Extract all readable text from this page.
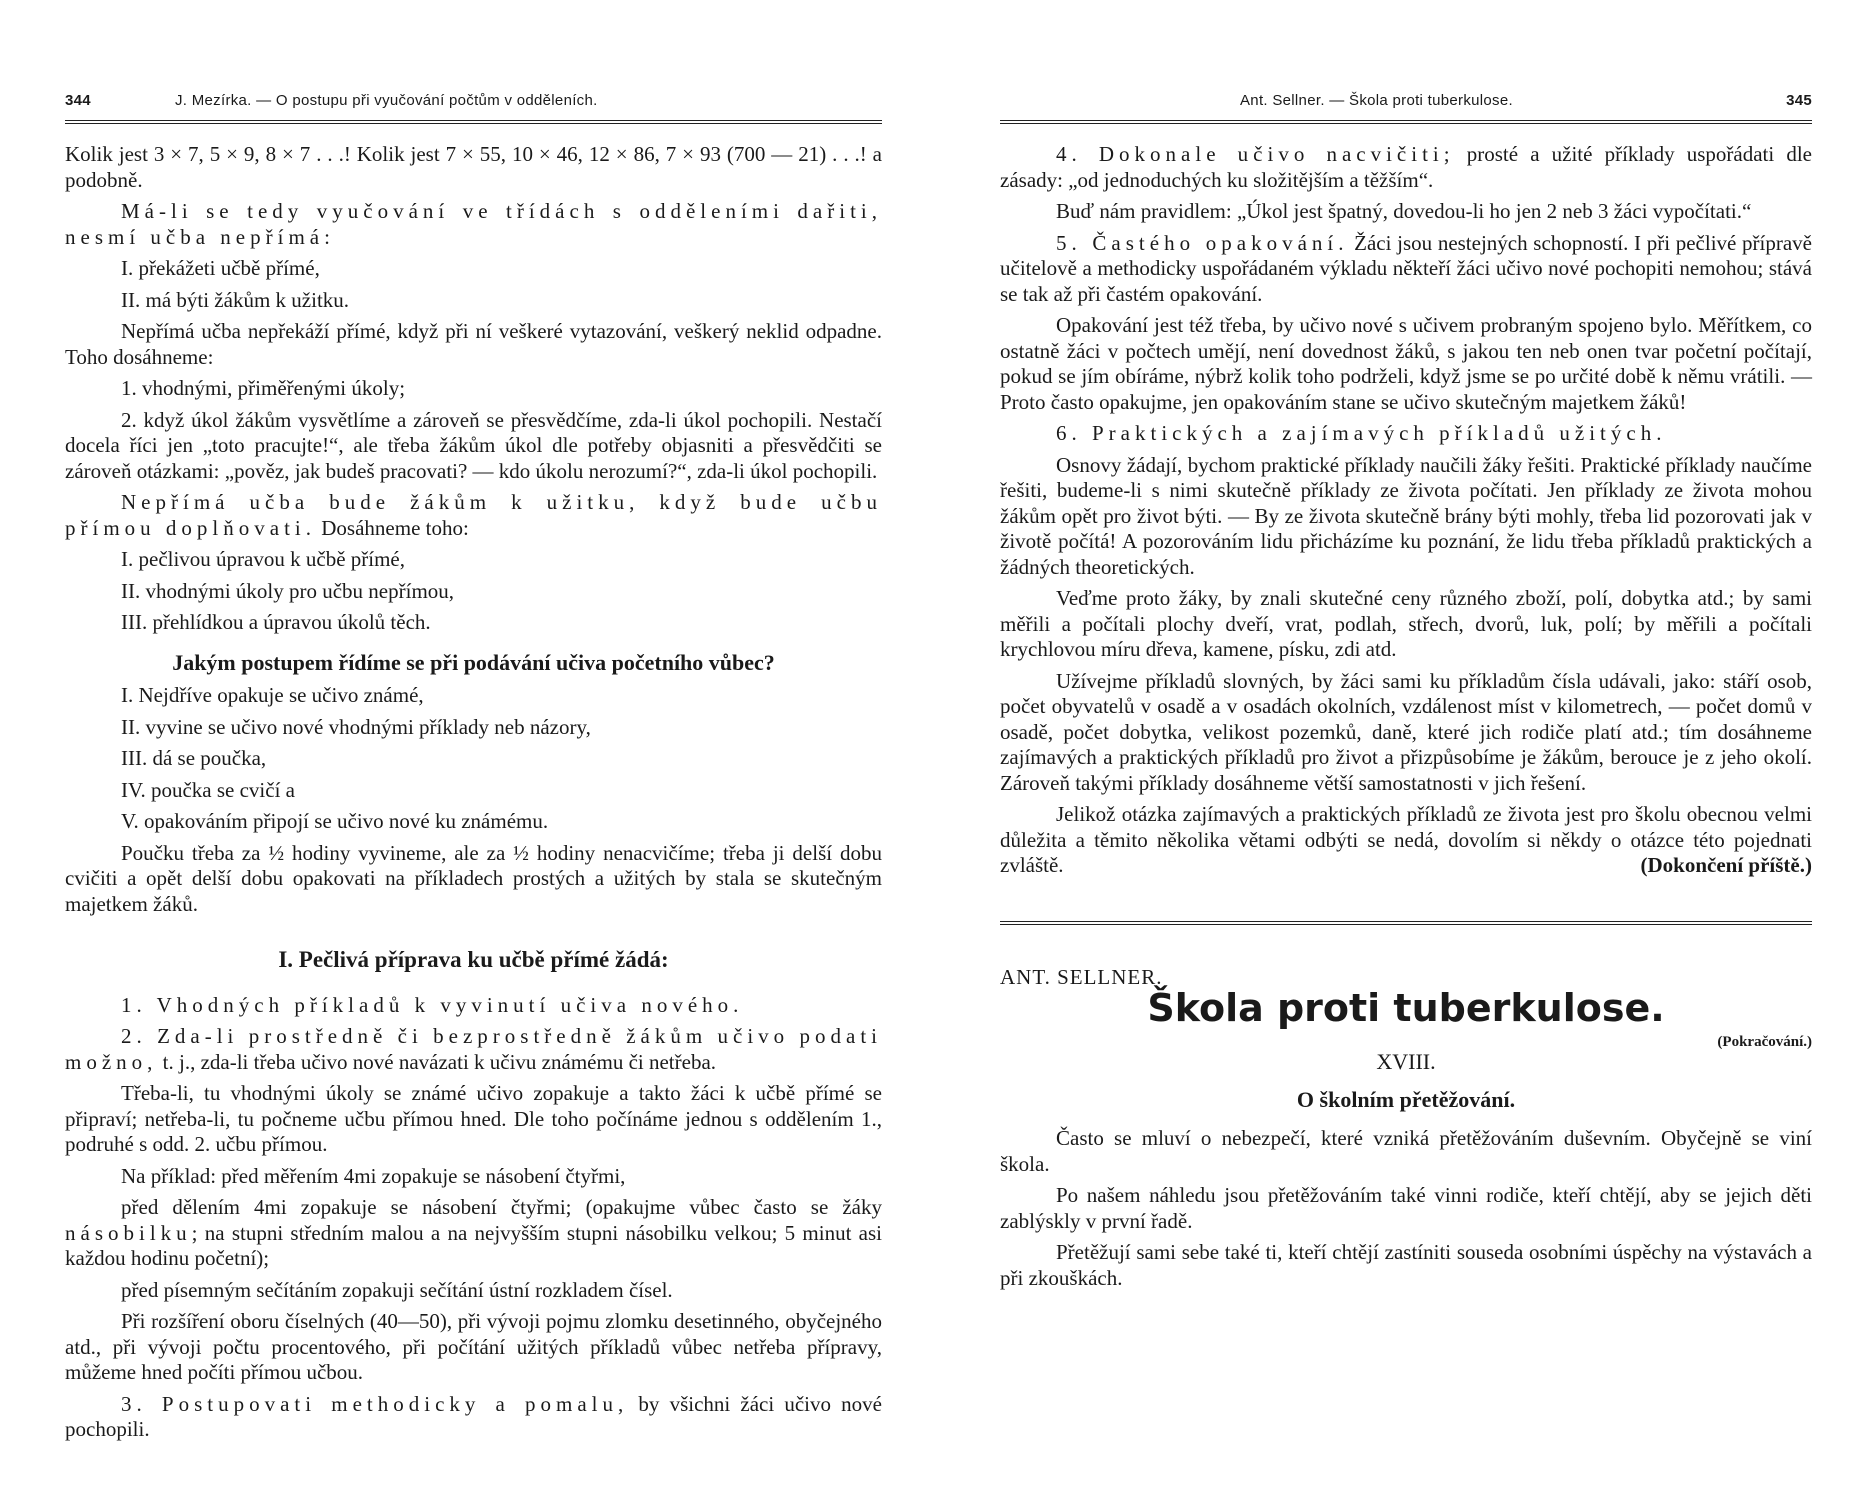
344	J. Mezírka. — O postupu při vyučování počtům v odděleních.

Kolik jest 3 × 7, 5 × 9, 8 × 7 . . .! Kolik jest 7 × 55, 10 × 46, 12 × 86, 7 × 93 (700 — 21) . . .! a podobně.

Má-li se tedy vyučování ve třídách s odděleními dařiti, nesmí učba nepřímá:

I. překážeti učbě přímé,

II. má býti žákům k užitku.

Nepřímá učba nepřekáží přímé, když při ní veškeré vytazování, veškerý neklid odpadne. Toho dosáhneme:

1. vhodnými, přiměřenými úkoly;

2. když úkol žákům vysvětlíme a zároveň se přesvědčíme, zda-li úkol pochopili. Nestačí docela říci jen „toto pracujte!“, ale třeba žákům úkol dle potřeby objasniti a přesvědčiti se zároveň otázkami: „pověz, jak budeš pracovati? — kdo úkolu nerozumí?“, zda-li úkol pochopili.

Nepřímá učba bude žákům k užitku, když bude učbu přímou doplňovati. Dosáhneme toho:

I. pečlivou úpravou k učbě přímé,

II. vhodnými úkoly pro učbu nepřímou,

III. přehlídkou a úpravou úkolů těch.

Jakým postupem řídíme se při podávání učiva početního vůbec?

I. Nejdříve opakuje se učivo známé,

II. vyvine se učivo nové vhodnými příklady neb názory,

III. dá se poučka,

IV. poučka se cvičí a

V. opakováním připojí se učivo nové ku známému.

Poučku třeba za ½ hodiny vyvineme, ale za ½ hodiny nenacvičíme; třeba ji delší dobu cvičiti a opět delší dobu opakovati na příkladech prostých a užitých by stala se skutečným majetkem žáků.

I. Pečlivá příprava ku učbě přímé žádá:

1. Vhodných příkladů k vyvinutí učiva nového.

2. Zda-li prostředně či bezprostředně žákům učivo podati možno, t. j., zda-li třeba učivo nové navázati k učivu známému či netřeba.

Třeba-li, tu vhodnými úkoly se známé učivo zopakuje a takto žáci k učbě přímé se připraví; netřeba-li, tu počneme učbu přímou hned. Dle toho počínáme jednou s oddělením 1., podruhé s odd. 2. učbu přímou.

Na příklad: před měřením 4mi zopakuje se násobení čtyřmi,

před dělením 4mi zopakuje se násobení čtyřmi; (opakujme vůbec často se žáky násobilku; na stupni středním malou a na nejvyšším stupni násobilku velkou; 5 minut asi každou hodinu početní);

před písemným sečítáním zopakuji sečítání ústní rozkladem čísel.

Při rozšíření oboru číselných (40—50), při vývoji pojmu zlomku desetinného, obyčejného atd., při vývoji počtu procentového, při počítání užitých příkladů vůbec netřeba přípravy, můžeme hned počíti přímou učbou.

3. Postupovati methodicky a pomalu, by všichni žáci učivo nové pochopili.

Ant. Sellner. — Škola proti tuberkulose.	345

4. Dokonale učivo nacvičiti; prosté a užité příklady uspořádati dle zásady: „od jednoduchých ku složitějším a těžším“.

Buď nám pravidlem: „Úkol jest špatný, dovedou-li ho jen 2 neb 3 žáci vypočítati.“

5. Častého opakování. Žáci jsou nestejných schopností. I při pečlivé přípravě učitelově a methodicky uspořádaném výkladu někteří žáci učivo nové pochopiti nemohou; stává se tak až při častém opakování.

Opakování jest též třeba, by učivo nové s učivem probraným spojeno bylo. Měřítkem, co ostatně žáci v počtech umějí, není dovednost žáků, s jakou ten neb onen tvar početní počítají, pokud se jím obíráme, nýbrž kolik toho podrželi, když jsme se po určité době k němu vrátili. — Proto často opakujme, jen opakováním stane se učivo skutečným majetkem žáků!

6. Praktických a zajímavých příkladů užitých.

Osnovy žádají, bychom praktické příklady naučili žáky řešiti. Praktické příklady naučíme řešiti, budeme-li s nimi skutečně příklady ze života počítati. Jen příklady ze života mohou žákům opět pro život býti. — By ze života skutečně brány býti mohly, třeba lid pozorovati jak v životě počítá! A pozorováním lidu přicházíme ku poznání, že lidu třeba příkladů praktických a žádných theoretických.

Veďme proto žáky, by znali skutečné ceny různého zboží, polí, dobytka atd.; by sami měřili a počítali plochy dveří, vrat, podlah, střech, dvorů, luk, polí; by měřili a počítali krychlovou míru dřeva, kamene, písku, zdi atd.

Užívejme příkladů slovných, by žáci sami ku příkladům čísla udávali, jako: stáří osob, počet obyvatelů v osadě a v osadách okolních, vzdálenost míst v kilometrech, — počet domů v osadě, počet dobytka, velikost pozemků, daně, které jich rodiče platí atd.; tím dosáhneme zajímavých a praktických příkladů pro život a přizpůsobíme je žákům, berouce je z jeho okolí. Zároveň takými příklady dosáhneme větší samostatnosti v jich řešení.

Jelikož otázka zajímavých a praktických příkladů ze života jest pro školu obecnou velmi důležita a těmito několika větami odbýti se nedá, dovolím si někdy o otázce této pojednati zvláště.	(Dokončení příště.)

ANT. SELLNER.

Škola proti tuberkulose.
(Pokračování.)
XVIII.
O školním přetěžování.

Často se mluví o nebezpečí, které vzniká přetěžováním duševním. Obyčejně se viní škola.

Po našem náhledu jsou přetěžováním také vinni rodiče, kteří chtějí, aby se jejich děti zablýskly v první řadě.

Přetěžují sami sebe také ti, kteří chtějí zastíniti souseda osobními úspěchy na výstavách a při zkouškách.
